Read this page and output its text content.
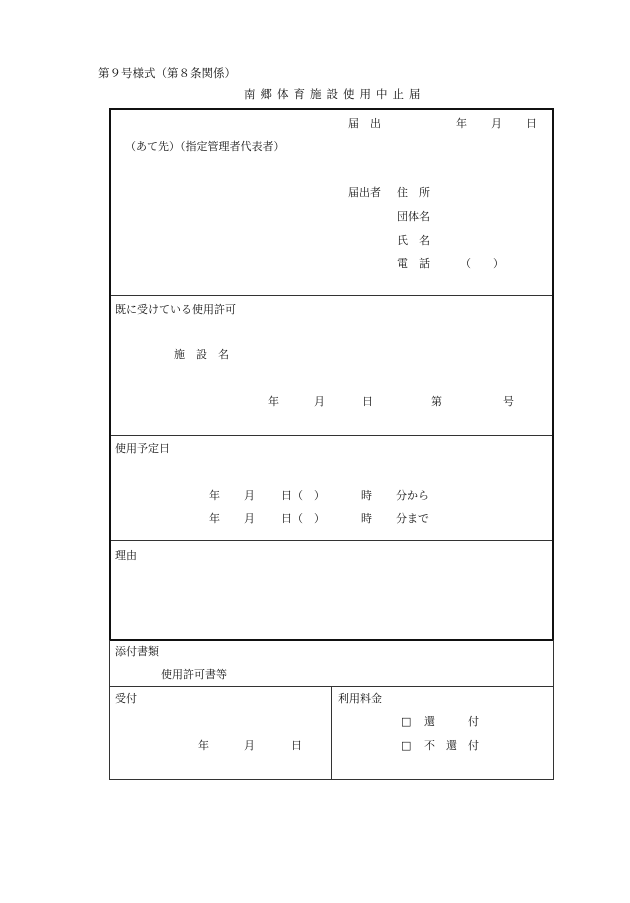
第９号様式（第８条関係）
南郷体育施設使用中止届
届　出	年 月 日
（あて先）（指定管理者代表者）
届出者 住　所
団体名
氏　名
電　話	（　　）
既に受けている使用許可
施　設　名
年	月	日	第	号
使用予定日
年 月 日（　）	時 分から
年 月 日（　）	時 分まで
理由
添付書類
使用許可書等
受付
年	月	日
利用料金
□ 還　　　付
□ 不　還　付
